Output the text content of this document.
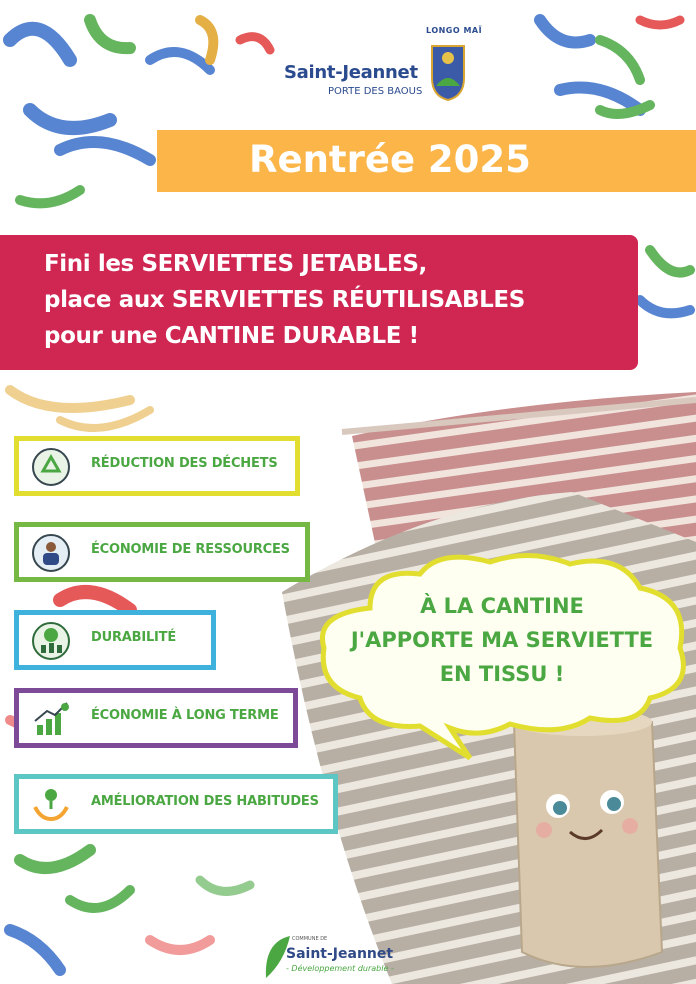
LONGO MAÏ
Saint-Jeannet
PORTE DES BAOUS
Rentrée 2025
Fini les SERVIETTES JETABLES,
place aux SERVIETTES RÉUTILISABLES
pour une CANTINE DURABLE !
RÉDUCTION DES DÉCHETS
ÉCONOMIE DE RESSOURCES
DURABILITÉ
ÉCONOMIE À LONG TERME
AMÉLIORATION DES HABITUDES
À LA CANTINE
J'APPORTE MA SERVIETTE
EN TISSU !
COMMUNE DE
Saint-Jeannet
- Développement durable -
